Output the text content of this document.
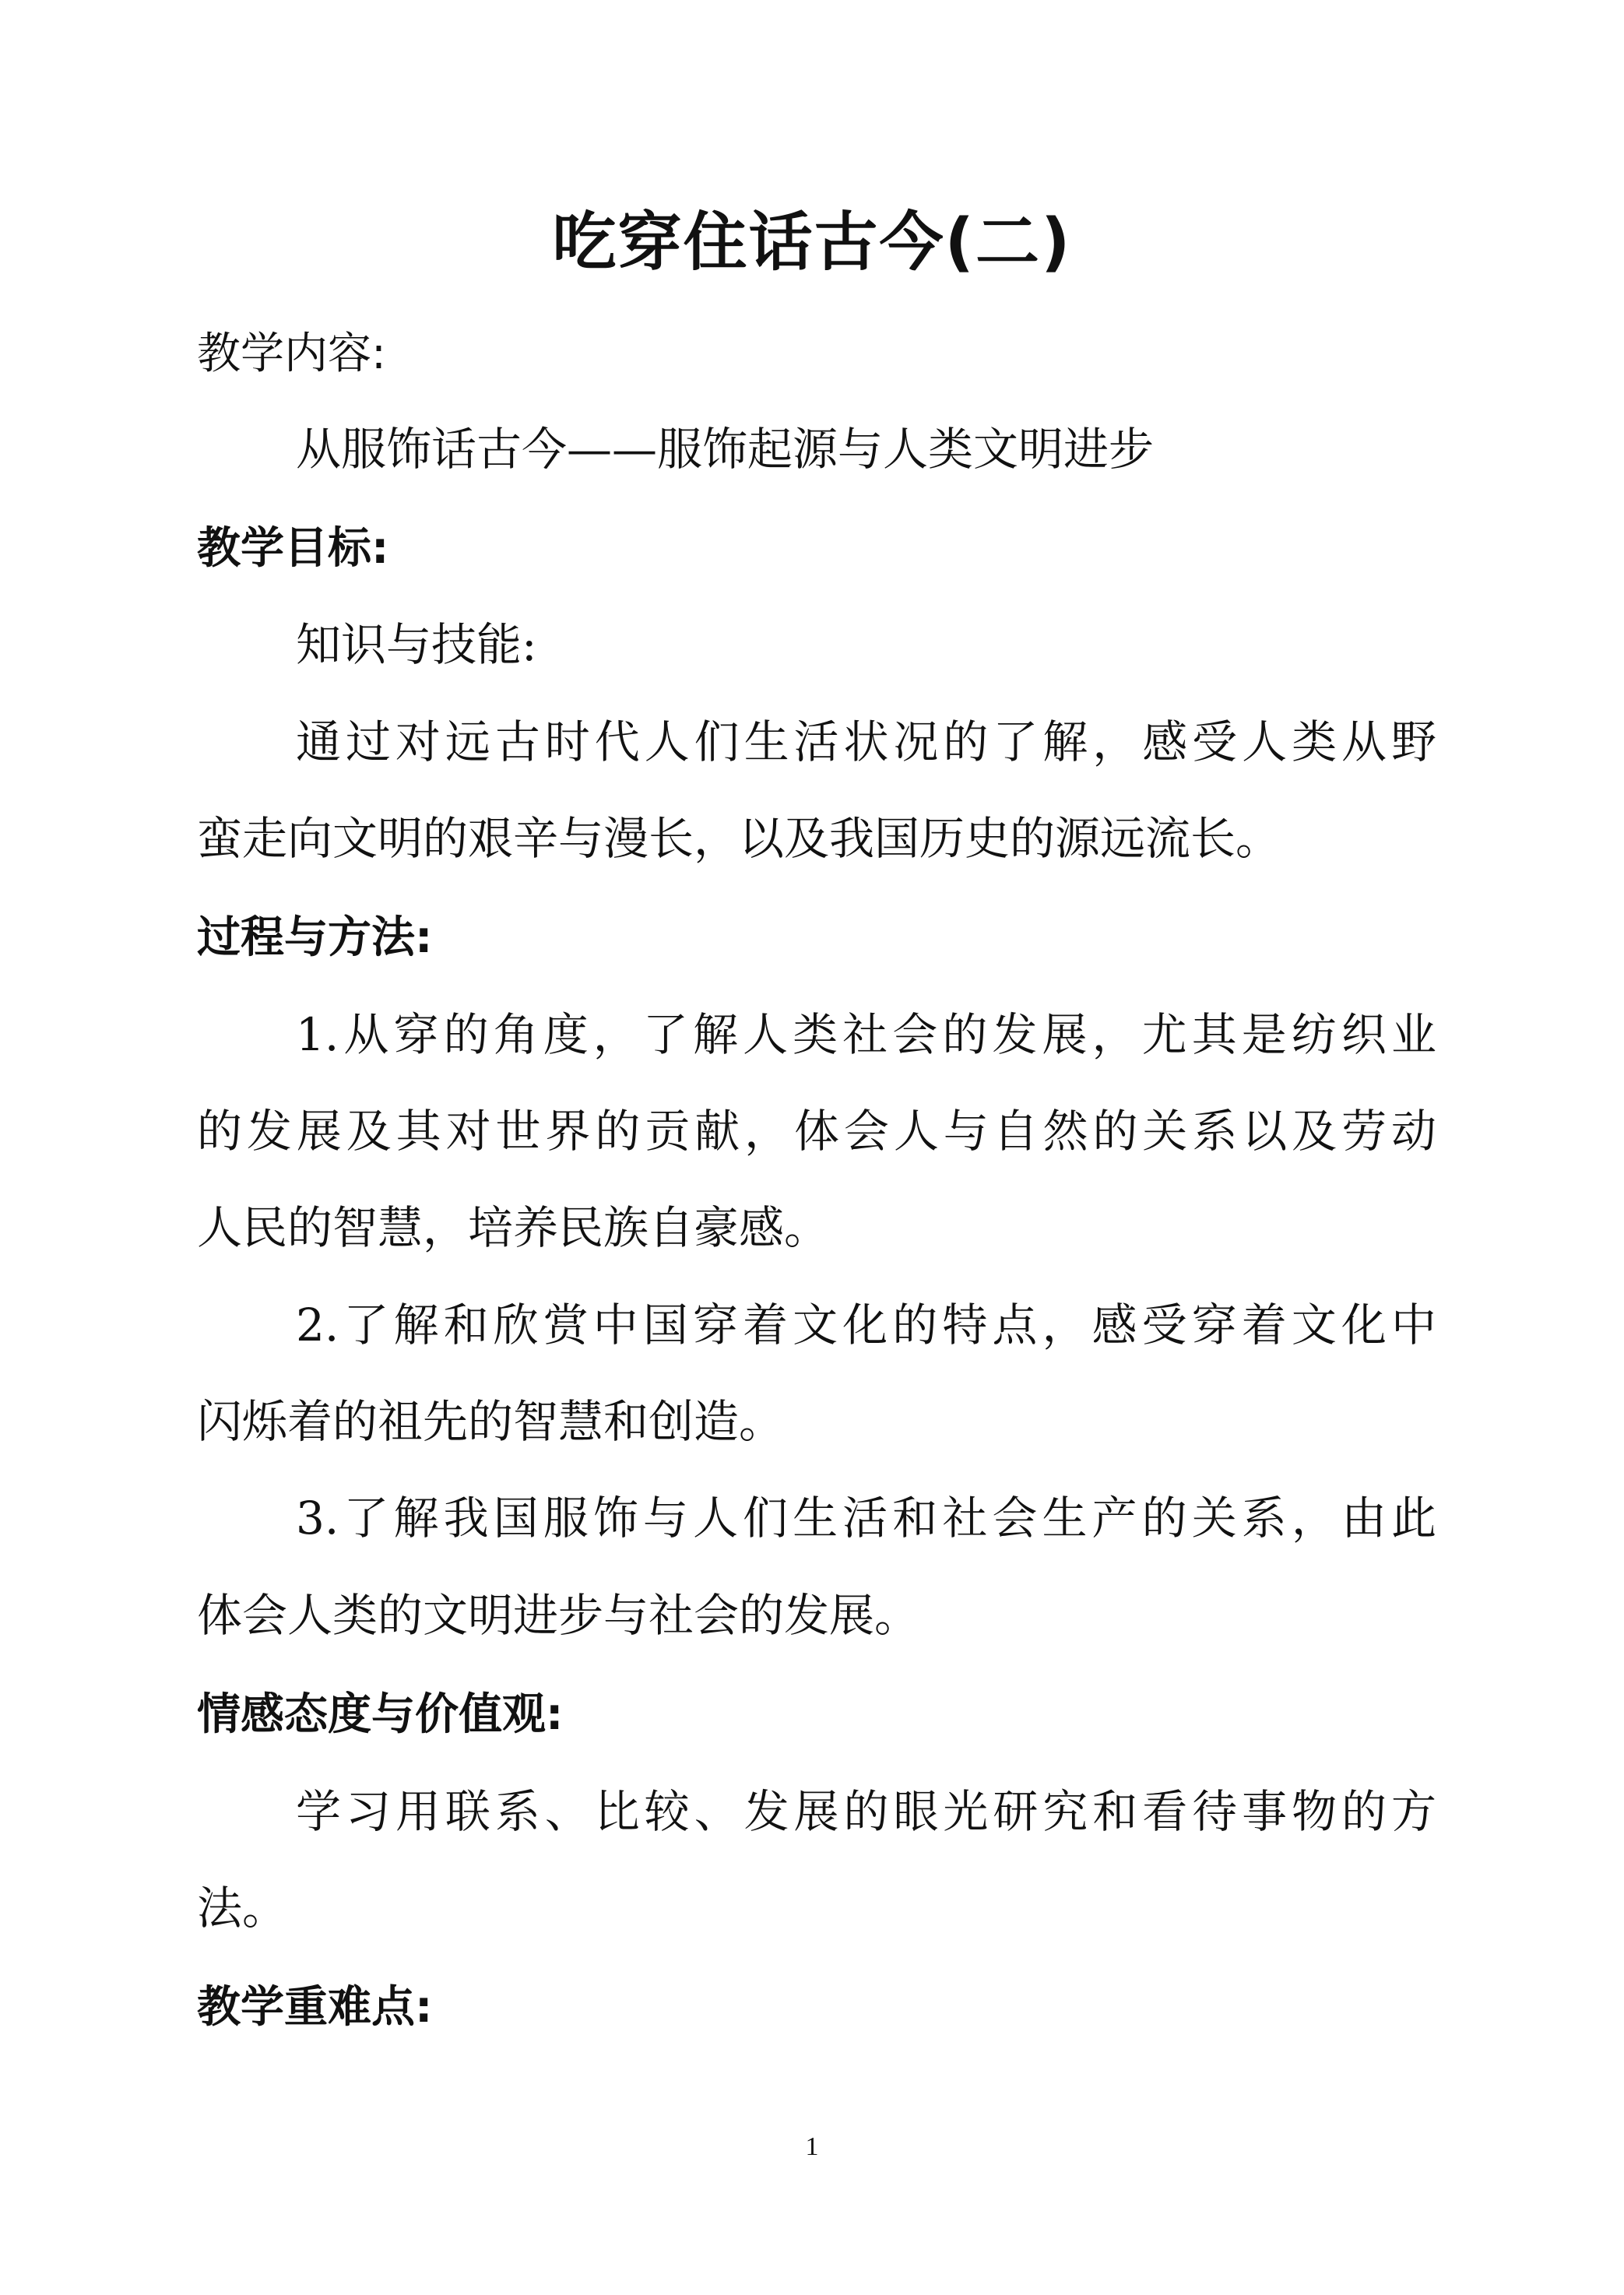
吃穿住话古今(二)
教学内容:
从服饰话古今——服饰起源与人类文明进步
教学目标:
知识与技能:
通过对远古时代人们生活状况的了解，感受人类从野
蛮走向文明的艰辛与漫长，以及我国历史的源远流长。
过程与方法:
1.从穿的角度，了解人类社会的发展，尤其是纺织业
的发展及其对世界的贡献，体会人与自然的关系以及劳动
人民的智慧，培养民族自豪感。
2.了解和欣赏中国穿着文化的特点，感受穿着文化中
闪烁着的祖先的智慧和创造。
3.了解我国服饰与人们生活和社会生产的关系，由此
体会人类的文明进步与社会的发展。
情感态度与价值观:
学习用联系、比较、发展的眼光研究和看待事物的方
法。
教学重难点:
1
